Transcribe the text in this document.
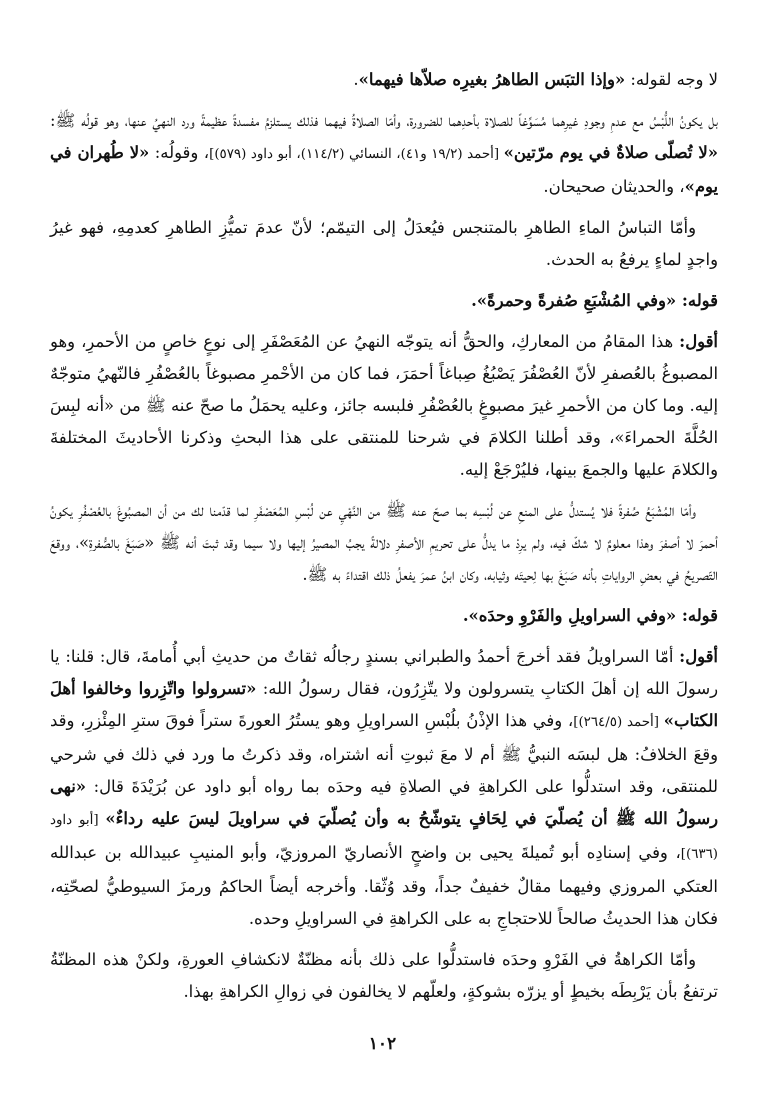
لا وجه لقوله: «وإذا التبَس الطاهرُ بغيرِه صلاّها فيهما».

بل يكونُ اللُّبْسُ مع عدمِ وجودِ غيرِهما مُسَوِّغاً للصلاة بأحدِهما للضرورة، وأمّا الصلاةُ فيهما فذلك يستلزمُ مفسدةً عظيمةً ورد النهيُ عنها، وهو قولُه ﷺ: «لا تُصلّى صلاةٌ في يوم مرّتين» [أحمد (١٩/٢ و٤١)، النسائي (١١٤/٢)، أبو داود (٥٧٩)]، وقولُه: «لا طُهران في يوم»، والحديثان صحيحان.

وأمّا التباسُ الماءِ الطاهرِ بالمتنجس فيُعدَلُ إلى التيمّم؛ لأنّ عدمَ تميُّزِ الطاهرِ كعدمِهِ، فهو غيرُ واجدٍ لماءٍ يرفعُ به الحدث.

قوله: «وفي المُشْبَعِ صُفرةً وحمرةً».

أقول: هذا المقامُ من المعاركِ، والحقُّ أنه يتوجّه النهيُ عن المُعَصْفَرِ إلى نوعٍ خاصٍ من الأحمرِ، وهو المصبوغُ بالعُصفرِ لأنّ العُصْفُرَ يَصْبُغُ صِباغاً أحمَرَ، فما كان من الأحْمرِ مصبوغاً بالعُصْفُرِ فالنّهيُ متوجّهٌ إليه. وما كان من الأحمرِ غيرَ مصبوغٍ بالعُصْفُرِ فلبسه جائز، وعليه يحمَلُ ما صحّ عنه ﷺ من «أنه لبِسَ الحُلَّةَ الحمراءَ»، وقد أطلنا الكلامَ في شرحنا للمنتقى على هذا البحثِ وذكرنا الأحاديثَ المختلفةَ والكلامَ عليها والجمعَ بينها، فليُرْجَعْ إليه.

وأمّا المُشْبَعُ صُفرةً فلا يُستدلُّ على المنعِ عن لُبْسِه بما صحّ عنه ﷺ من النَّهْيِ عن لُبْسِ المُعَصْفَرِ لما قدّمنا لك من أن المصبُوغَ بالعُصْفُرِ يكونُ أحمرَ لا أصفرَ وهذا معلومٌ لا شكّ فيه، ولم يرِدْ ما يدلُّ على تحريمِ الأصفرِ دلالةً يجبُ المصيرُ إليها ولا سيما وقد ثبتَ أنه ﷺ «صَبَغَ بالصُّفرةِ»، ووقعَ التّصريحُ في بعضِ الرواياتِ بأنه صَبَغَ بها لِحيتَه وثيابه، وكان ابنُ عمرَ يفعلُ ذلك اقتداءً به ﷺ.

قوله: «وفي السراويلِ والفَرْوِ وحدَه».

أقول: أمّا السراويلُ فقد أخرجَ أحمدُ والطبراني بسندٍ رجالُه ثقاتٌ من حديثِ أبي أُمامةَ، قال: قلنا: يا رسولَ الله إن أهلَ الكتابِ يتسرولون ولا يتّزِرُون، فقال رسولُ الله: «تسرولوا واتّزِروا وخالفوا أهلَ الكتاب» [أحمد (٢٦٤/٥)]، وفي هذا الإذْنُ بلُبْسِ السراويلِ وهو يستُرُ العورةَ ستراً فوقَ سترِ المِئْزرِ، وقد وقعَ الخلافُ: هل لبسَه النبيُّ ﷺ أم لا معَ ثبوتِ أنه اشتراه، وقد ذكرتُ ما ورد في ذلك في شرحي للمنتقى، وقد استدلُّوا على الكراهةِ في الصلاةِ فيه وحدَه بما رواه أبو داود عن بُرَيْدَةَ قال: «نهى رسولُ الله ﷺ أن يُصلّيَ في لِحَافٍ يتوشّحُ به وأن يُصلّيَ في سراويلَ ليسَ عليه رداءٌ» [أبو داود (٦٣٦)]، وفي إسنادِه أبو تُميلةَ يحيى بن واضحٍ الأنصاريّ المروزيّ، وأبو المنيبِ عبيدالله بن عبدالله العتكي المروزي وفيهما مقالٌ خفيفٌ جداً، وقد وُثّقا. وأخرجه أيضاً الحاكمُ ورمزَ السيوطيُّ لصحّتِه، فكان هذا الحديثُ صالحاً للاحتجاجِ به على الكراهةِ في السراويلِ وحده.

وأمّا الكراهةُ في الفَرْوِ وحدَه فاستدلُّوا على ذلك بأنه مظنّةٌ لانكشافِ العورةِ، ولكنْ هذه المظنّةُ ترتفعُ بأن يَرْبِطَه بخيطٍ أو يزرّه بشوكةٍ، ولعلّهم لا يخالفون في زوالِ الكراهةِ بهذا.

١٠٢
